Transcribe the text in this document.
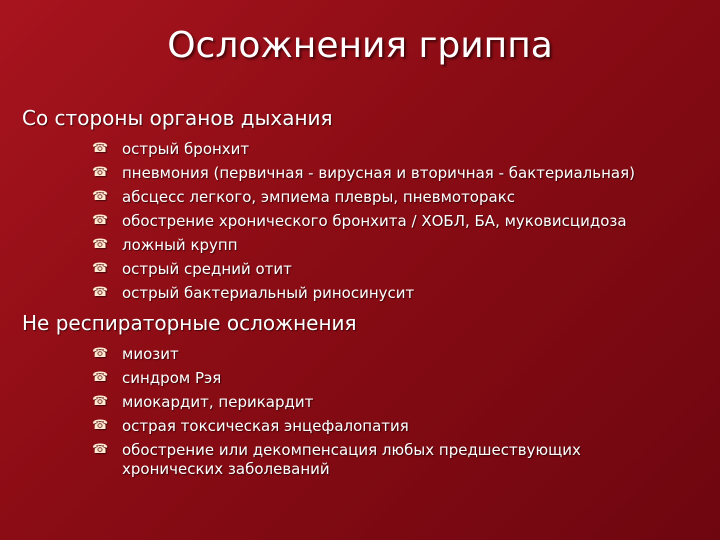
Осложнения гриппа
Со стороны органов дыхания
☎ острый бронхит
☎ пневмония (первичная - вирусная и вторичная - бактериальная)
☎ абсцесс легкого, эмпиема плевры, пневмоторакс
☎ обострение хронического бронхита / ХОБЛ, БА, муковисцидоза
☎ ложный крупп
☎ острый средний отит
☎ острый бактериальный риносинусит
Не респираторные осложнения
☎ миозит
☎ синдром Рэя
☎ миокардит, перикардит
☎ острая токсическая энцефалопатия
☎ обострение или декомпенсация любых предшествующих хронических заболеваний
